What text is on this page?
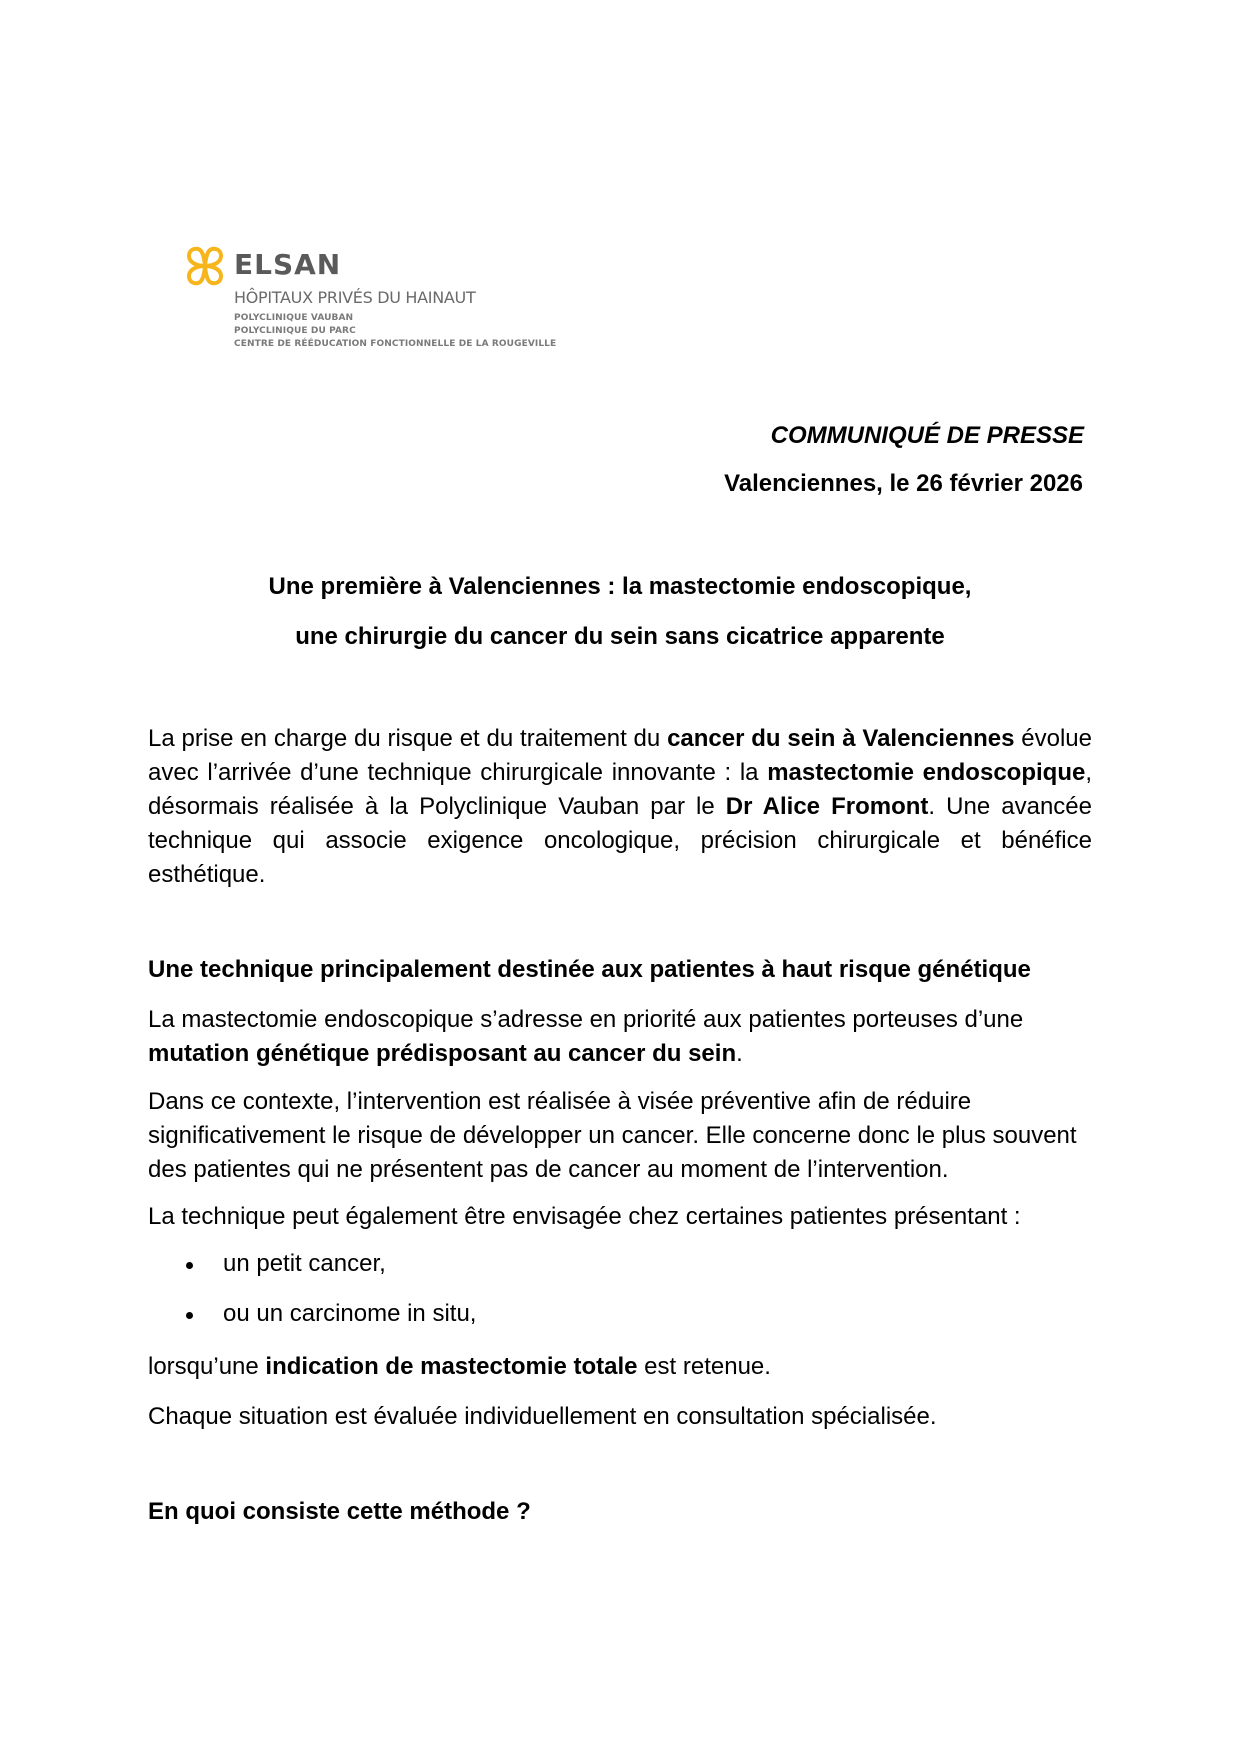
ELSAN
HÔPITAUX PRIVÉS DU HAINAUT
POLYCLINIQUE VAUBAN
POLYCLINIQUE DU PARC
CENTRE DE RÉÉDUCATION FONCTIONNELLE DE LA ROUGEVILLE
COMMUNIQUÉ DE PRESSE
Valenciennes, le 26 février 2026
Une première à Valenciennes : la mastectomie endoscopique,
une chirurgie du cancer du sein sans cicatrice apparente

La prise en charge du risque et du traitement du cancer du sein à Valenciennes évolue avec l’arrivée d’une technique chirurgicale innovante : la mastectomie endoscopique, désormais réalisée à la Polyclinique Vauban par le Dr Alice Fromont. Une avancée technique qui associe exigence oncologique, précision chirurgicale et bénéfice esthétique.

Une technique principalement destinée aux patientes à haut risque génétique

La mastectomie endoscopique s’adresse en priorité aux patientes porteuses d’une mutation génétique prédisposant au cancer du sein.

Dans ce contexte, l’intervention est réalisée à visée préventive afin de réduire significativement le risque de développer un cancer. Elle concerne donc le plus souvent des patientes qui ne présentent pas de cancer au moment de l’intervention.

La technique peut également être envisagée chez certaines patientes présentant :

un petit cancer,
ou un carcinome in situ,

lorsqu’une indication de mastectomie totale est retenue.

Chaque situation est évaluée individuellement en consultation spécialisée.

En quoi consiste cette méthode ?
